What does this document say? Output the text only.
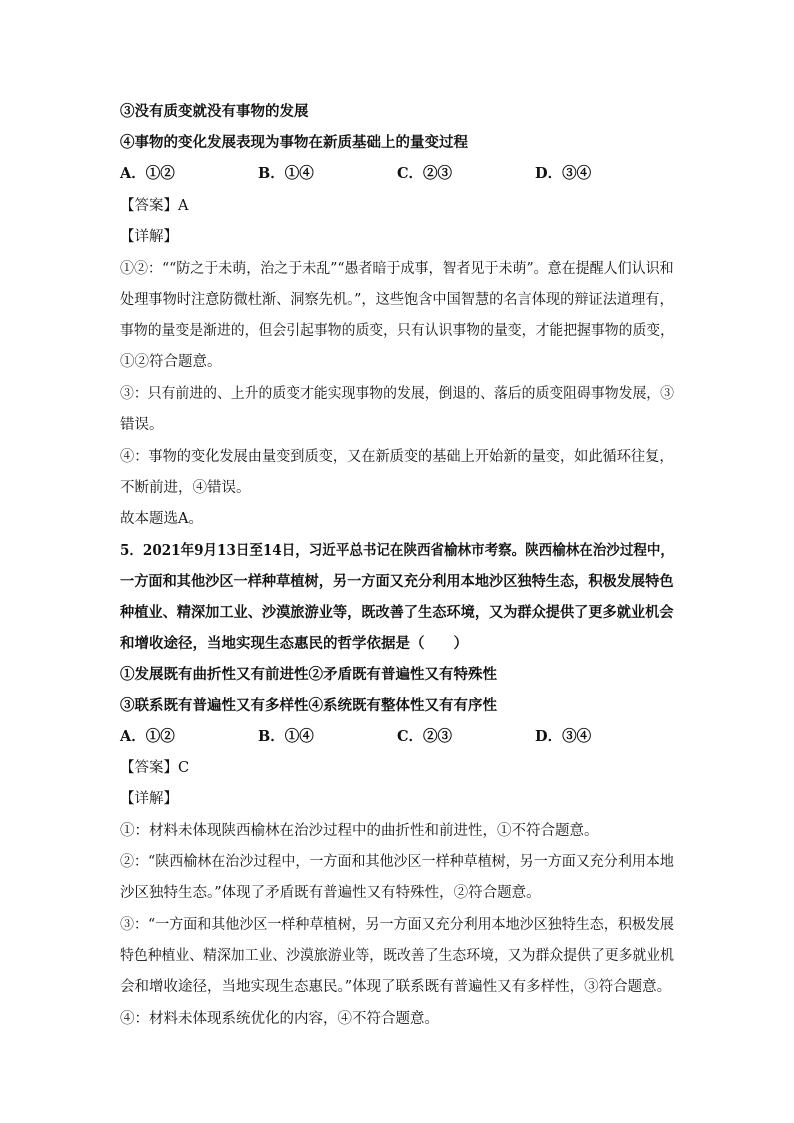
③没有质变就没有事物的发展
④事物的变化发展表现为事物在新质基础上的量变过程
A．①②	B．①④	C．②③	D．③④
【答案】A
【详解】
①②：““防之于未萌，治之于未乱”“愚者暗于成事，智者见于未萌”。意在提醒人们认识和
处理事物时注意防微杜渐、洞察先机。”，这些饱含中国智慧的名言体现的辩证法道理有，
事物的量变是渐进的，但会引起事物的质变，只有认识事物的量变，才能把握事物的质变，
①②符合题意。
③：只有前进的、上升的质变才能实现事物的发展，倒退的、落后的质变阻碍事物发展，③
错误。
④：事物的变化发展由量变到质变，又在新质变的基础上开始新的量变，如此循环往复，
不断前进，④错误。
故本题选A。
5．2021年9月13日至14日，习近平总书记在陕西省榆林市考察。陕西榆林在治沙过程中，
一方面和其他沙区一样种草植树，另一方面又充分利用本地沙区独特生态，积极发展特色
种植业、精深加工业、沙漠旅游业等，既改善了生态环境，又为群众提供了更多就业机会
和增收途径，当地实现生态惠民的哲学依据是（　　）
①发展既有曲折性又有前进性②矛盾既有普遍性又有特殊性
③联系既有普遍性又有多样性④系统既有整体性又有有序性
A．①②	B．①④	C．②③	D．③④
【答案】C
【详解】
①：材料未体现陕西榆林在治沙过程中的曲折性和前进性，①不符合题意。
②：“陕西榆林在治沙过程中，一方面和其他沙区一样种草植树，另一方面又充分利用本地
沙区独特生态。”体现了矛盾既有普遍性又有特殊性，②符合题意。
③：“一方面和其他沙区一样种草植树，另一方面又充分利用本地沙区独特生态，积极发展
特色种植业、精深加工业、沙漠旅游业等，既改善了生态环境，又为群众提供了更多就业机
会和增收途径，当地实现生态惠民。”体现了联系既有普遍性又有多样性，③符合题意。
④：材料未体现系统优化的内容，④不符合题意。
